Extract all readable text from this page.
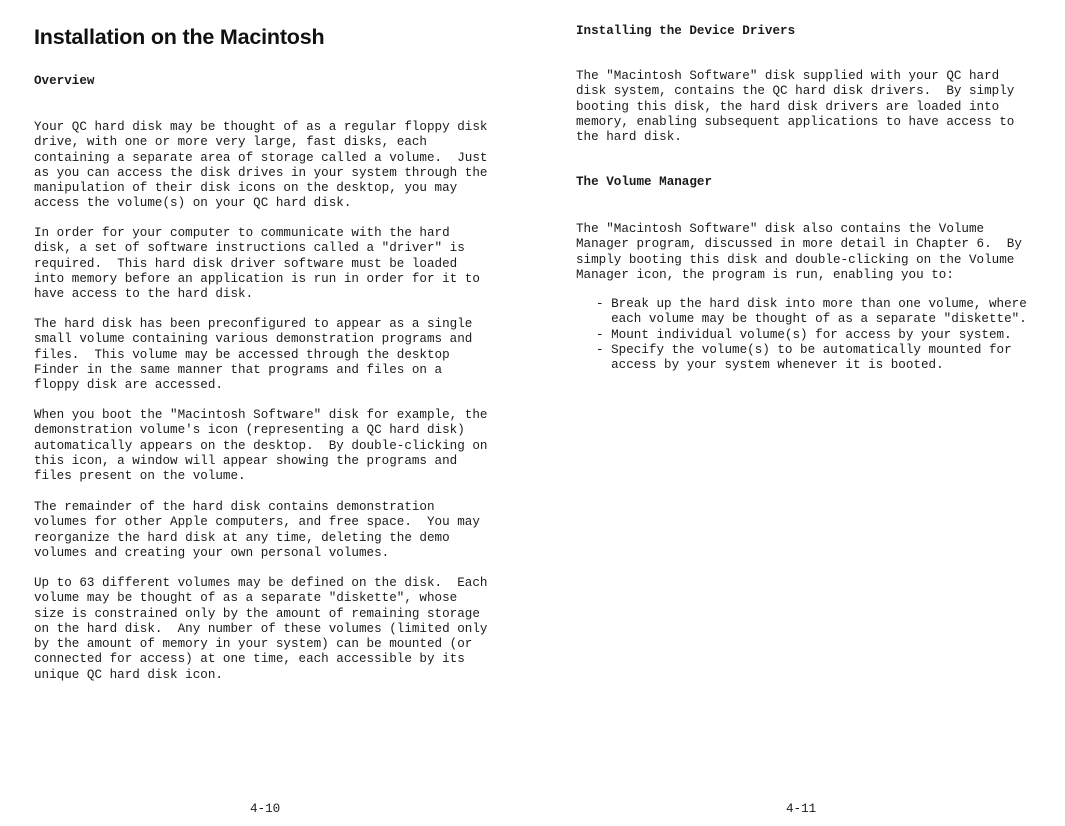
Installation on the Macintosh
Overview

Your QC hard disk may be thought of as a regular floppy disk
drive, with one or more very large, fast disks, each
containing a separate area of storage called a volume.  Just
as you can access the disk drives in your system through the
manipulation of their disk icons on the desktop, you may
access the volume(s) on your QC hard disk.

In order for your computer to communicate with the hard
disk, a set of software instructions called a "driver" is
required.  This hard disk driver software must be loaded
into memory before an application is run in order for it to
have access to the hard disk.

The hard disk has been preconfigured to appear as a single
small volume containing various demonstration programs and
files.  This volume may be accessed through the desktop
Finder in the same manner that programs and files on a
floppy disk are accessed.

When you boot the "Macintosh Software" disk for example, the
demonstration volume's icon (representing a QC hard disk)
automatically appears on the desktop.  By double-clicking on
this icon, a window will appear showing the programs and
files present on the volume.

The remainder of the hard disk contains demonstration
volumes for other Apple computers, and free space.  You may
reorganize the hard disk at any time, deleting the demo
volumes and creating your own personal volumes.

Up to 63 different volumes may be defined on the disk.  Each
volume may be thought of as a separate "diskette", whose
size is constrained only by the amount of remaining storage
on the hard disk.  Any number of these volumes (limited only
by the amount of memory in your system) can be mounted (or
connected for access) at one time, each accessible by its
unique QC hard disk icon.

4-10

Installing the Device Drivers

The "Macintosh Software" disk supplied with your QC hard
disk system, contains the QC hard disk drivers.  By simply
booting this disk, the hard disk drivers are loaded into
memory, enabling subsequent applications to have access to
the hard disk.

The Volume Manager

The "Macintosh Software" disk also contains the Volume
Manager program, discussed in more detail in Chapter 6.  By
simply booting this disk and double-clicking on the Volume
Manager icon, the program is run, enabling you to:

- Break up the hard disk into more than one volume, where
each volume may be thought of as a separate "diskette".
- Mount individual volume(s) for access by your system.
- Specify the volume(s) to be automatically mounted for
access by your system whenever it is booted.

4-11
